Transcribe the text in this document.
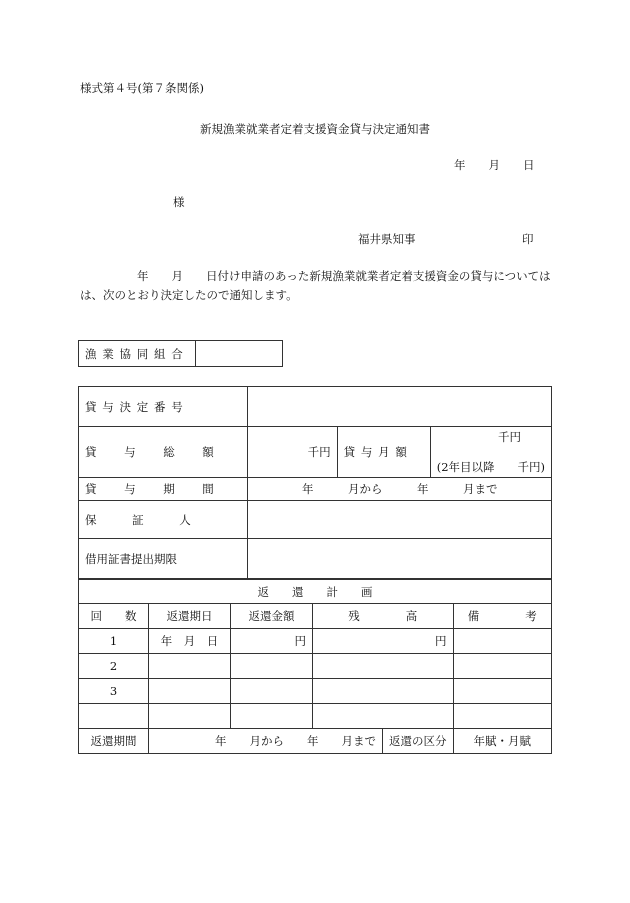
様式第４号(第７条関係)
新規漁業就業者定着支援資金貸与決定通知書
年　　月　　日
様
福井県知事	印
年　　月　　日付け申請のあった新規漁業就業者定着支援資金の貸与については
は、次のとおり決定したので通知します。
漁業協同組合	
貸与決定番号			
貸与総額	千円	貸与月額	千円
(2年目以降　　千円)

貸与期間	年　　　月から　　　年　　　月まで		
保証人			
借用証書提出期限			
返　　還　　計　　画					
回　　数	返還期日	返還金額	残　　　　高		備　　　　考
1	年　月　日	円	円		
2					
3					

返還期間	年　　月から　　年　　月まで			返還の区分	年賦・月賦
